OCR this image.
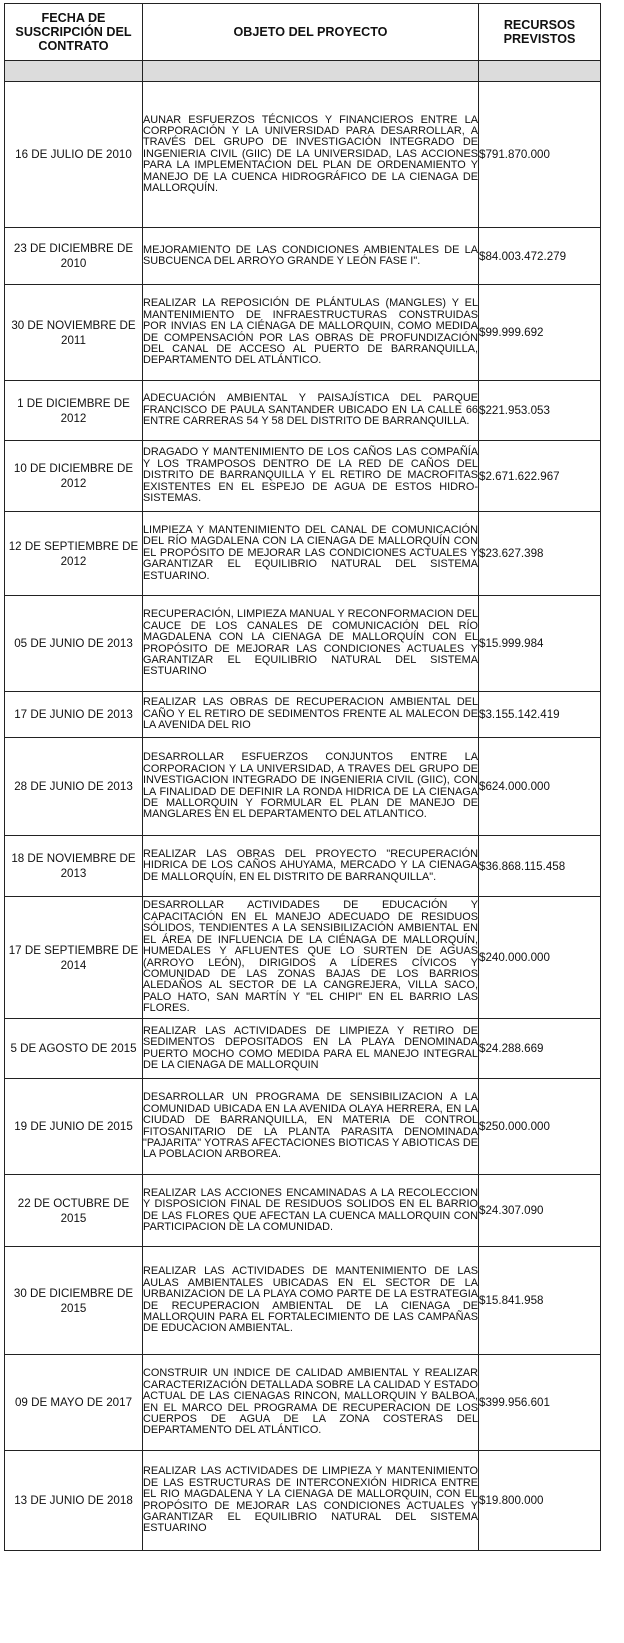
FECHA DE SUSCRIPCIÓN DEL CONTRATO	OBJETO DEL PROYECTO	RECURSOS PREVISTOS

16 DE JULIO DE 2010	AUNAR ESFUERZOS TÉCNICOS Y FINANCIEROS ENTRE LA CORPORACIÓN Y LA UNIVERSIDAD PARA DESARROLLAR, A TRAVÉS DEL GRUPO DE INVESTIGACIÓN INTEGRADO DE INGENIERIA CIVIL (GIIC) DE LA UNIVERSIDAD, LAS ACCIONES PARA LA IMPLEMENTACION DEL PLAN DE ORDENAMIENTO Y MANEJO DE LA CUENCA HIDROGRÁFICO DE LA CIENAGA DE MALLORQUÍN.	$791.870.000
23 DE DICIEMBRE DE 2010	MEJORAMIENTO DE LAS CONDICIONES AMBIENTALES DE LA SUBCUENCA DEL ARROYO GRANDE Y LEÓN FASE I".	$84.003.472.279
30 DE NOVIEMBRE DE 2011	REALIZAR LA REPOSICIÓN DE PLÁNTULAS (MANGLES) Y EL MANTENIMIENTO DE INFRAESTRUCTURAS CONSTRUIDAS POR INVIAS EN LA CIÉNAGA DE MALLORQUIN, COMO MEDIDA DE COMPENSACIÓN POR LAS OBRAS DE PROFUNDIZACIÓN DEL CANAL DE ACCESO AL PUERTO DE BARRANQUILLA, DEPARTAMENTO DEL ATLÁNTICO.	$99.999.692
1 DE DICIEMBRE DE 2012	ADECUACIÓN AMBIENTAL Y PAISAJÍSTICA DEL PARQUE FRANCISCO DE PAULA SANTANDER UBICADO EN LA CALLE 66 ENTRE CARRERAS 54 Y 58 DEL DISTRITO DE BARRANQUILLA.	$221.953.053
10 DE DICIEMBRE DE 2012	DRAGADO Y MANTENIMIENTO DE LOS CAÑOS LAS COMPAÑÍA Y LOS TRAMPOSOS DENTRO DE LA RED DE CAÑOS DEL DISTRITO DE BARRANQUILLA Y EL RETIRO DE MACROFITAS EXISTENTES EN EL ESPEJO DE AGUA DE ESTOS HIDRO-SISTEMAS.	$2.671.622.967
12 DE SEPTIEMBRE DE 2012	LIMPIEZA Y MANTENIMIENTO DEL CANAL DE COMUNICACIÓN DEL RÍO MAGDALENA CON LA CIENAGA DE MALLORQUÍN CON EL PROPÓSITO DE MEJORAR LAS CONDICIONES ACTUALES Y GARANTIZAR EL EQUILIBRIO NATURAL DEL SISTEMA ESTUARINO.	$23.627.398
05 DE JUNIO DE 2013	RECUPERACIÓN, LIMPIEZA MANUAL Y RECONFORMACION DEL CAUCE DE LOS CANALES DE COMUNICACIÓN DEL RÍO MAGDALENA CON LA CIENAGA DE MALLORQUÍN CON EL PROPÓSITO DE MEJORAR LAS CONDICIONES ACTUALES Y GARANTIZAR EL EQUILIBRIO NATURAL DEL SISTEMA ESTUARINO	$15.999.984
17 DE JUNIO DE 2013	REALIZAR LAS OBRAS DE RECUPERACION AMBIENTAL DEL CAÑO Y EL RETIRO DE SEDIMENTOS FRENTE AL MALECON DE LA AVENIDA DEL RIO	$3.155.142.419
28 DE JUNIO DE 2013	DESARROLLAR ESFUERZOS CONJUNTOS ENTRE LA CORPORACION Y LA UNIVERSIDAD, A TRAVES DEL GRUPO DE INVESTIGACION INTEGRADO DE INGENIERIA CIVIL (GIIC), CON LA FINALIDAD DE DEFINIR LA RONDA HIDRICA DE LA CIENAGA DE MALLORQUIN Y FORMULAR EL PLAN DE MANEJO DE MANGLARES EN EL DEPARTAMENTO DEL ATLANTICO.	$624.000.000
18 DE NOVIEMBRE DE 2013	REALIZAR LAS OBRAS DEL PROYECTO "RECUPERACIÓN HIDRICA DE LOS CAÑOS AHUYAMA, MERCADO Y LA CIENAGA DE MALLORQUÍN, EN EL DISTRITO DE BARRANQUILLA".	$36.868.115.458
17 DE SEPTIEMBRE DE 2014	DESARROLLAR ACTIVIDADES DE EDUCACIÓN Y CAPACITACIÓN EN EL MANEJO ADECUADO DE RESIDUOS SÓLIDOS, TENDIENTES A LA SENSIBILIZACIÓN AMBIENTAL EN EL ÁREA DE INFLUENCIA DE LA CIÉNAGA DE MALLORQUÍN, HUMEDALES Y AFLUENTES QUE LO SURTEN DE AGUAS (ARROYO LEÓN), DIRIGIDOS A LÍDERES CÍVICOS Y COMUNIDAD DE LAS ZONAS BAJAS DE LOS BARRIOS ALEDAÑOS AL SECTOR DE LA CANGREJERA, VILLA SACO, PALO HATO, SAN MARTÍN Y "EL CHIPI" EN EL BARRIO LAS FLORES.	$240.000.000
5 DE AGOSTO DE 2015	REALIZAR LAS ACTIVIDADES DE LIMPIEZA Y RETIRO DE SEDIMENTOS DEPOSITADOS EN LA PLAYA DENOMINADA PUERTO MOCHO COMO MEDIDA PARA EL MANEJO INTEGRAL DE LA CIENAGA DE MALLORQUIN	$24.288.669
19 DE JUNIO DE 2015	DESARROLLAR UN PROGRAMA DE SENSIBILIZACION A LA COMUNIDAD UBICADA EN LA AVENIDA OLAYA HERRERA, EN LA CIUDAD DE BARRANQUILLA, EN MATERIA DE CONTROL FITOSANITARIO DE LA PLANTA PARASITA DENOMINADA "PAJARITA" YOTRAS AFECTACIONES BIOTICAS Y ABIOTICAS DE LA POBLACION ARBOREA.	$250.000.000
22 DE OCTUBRE DE 2015	REALIZAR LAS ACCIONES ENCAMINADAS A LA RECOLECCION Y DISPOSICION FINAL DE RESIDUOS SOLIDOS EN EL BARRIO DE LAS FLORES QUE AFECTAN LA CUENCA MALLORQUIN CON PARTICIPACION DE LA COMUNIDAD.	$24.307.090
30 DE DICIEMBRE DE 2015	REALIZAR LAS ACTIVIDADES DE MANTENIMIENTO DE LAS AULAS AMBIENTALES UBICADAS EN EL SECTOR DE LA URBANIZACION DE LA PLAYA COMO PARTE DE LA ESTRATEGIA DE RECUPERACION AMBIENTAL DE LA CIENAGA DE MALLORQUIN PARA EL FORTALECIMIENTO DE LAS CAMPAÑAS DE EDUCACION AMBIENTAL.	$15.841.958
09 DE MAYO DE 2017	CONSTRUIR UN INDICE DE CALIDAD AMBIENTAL Y REALIZAR CARACTERIZACIÓN DETALLADA SOBRE LA CALIDAD Y ESTADO ACTUAL DE LAS CIENAGAS RINCON, MALLORQUIN Y BALBOA, EN EL MARCO DEL PROGRAMA DE RECUPERACION DE LOS CUERPOS DE AGUA DE LA ZONA COSTERAS DEL DEPARTAMENTO DEL ATLÁNTICO.	$399.956.601
13 DE JUNIO DE 2018	REALIZAR LAS ACTIVIDADES DE LIMPIEZA Y MANTENIMIENTO DE LAS ESTRUCTURAS DE INTERCONEXIÓN HIDRICA ENTRE EL RIO MAGDALENA Y LA CIENAGA DE MALLORQUIN, CON EL PROPÓSITO DE MEJORAR LAS CONDICIONES ACTUALES Y GARANTIZAR EL EQUILIBRIO NATURAL DEL SISTEMA ESTUARINO	$19.800.000
